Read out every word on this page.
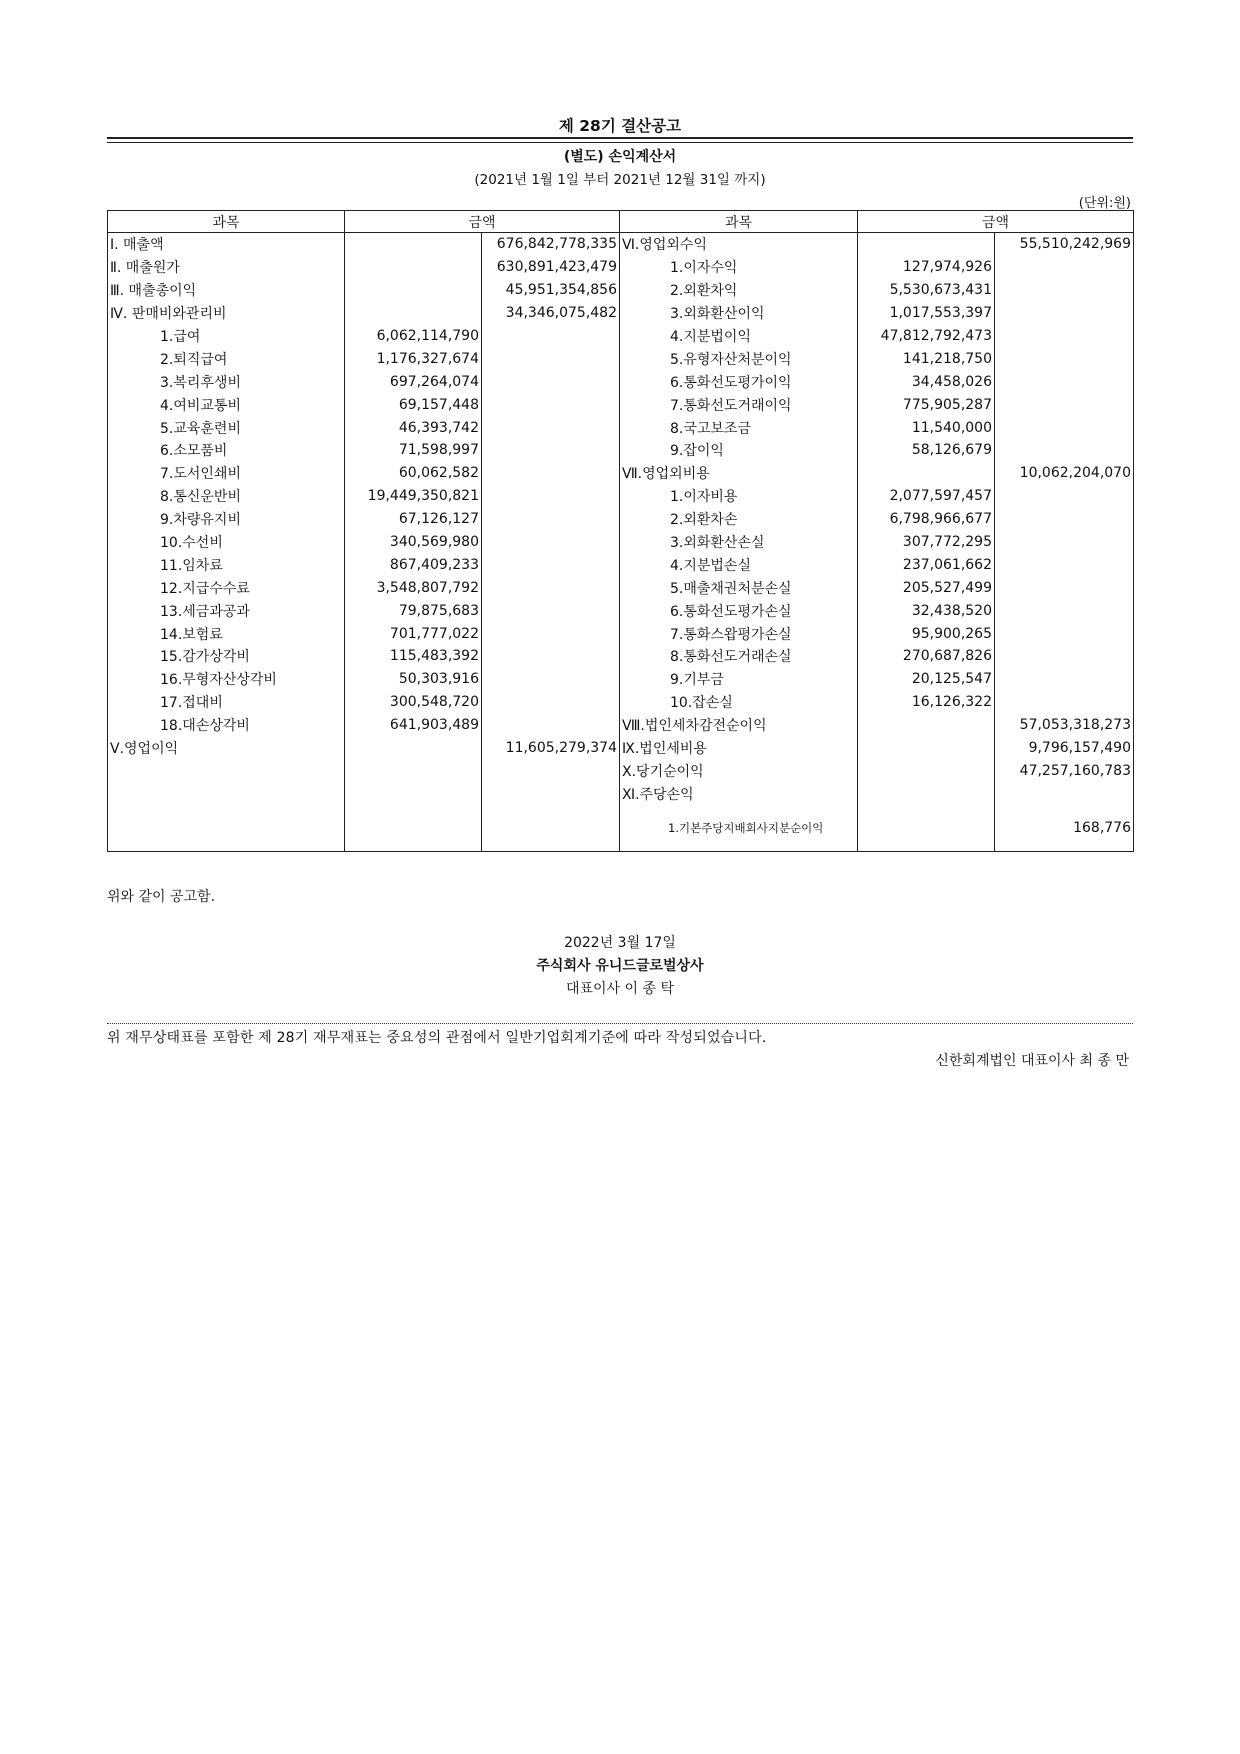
제 28기 결산공고
(별도) 손익계산서
(2021년 1월 1일 부터 2021년 12월 31일 까지)
(단위:원)
과목	금액		과목	금액	
Ⅰ. 매출액		676,842,778,335	Ⅵ.영업외수익		55,510,242,969
Ⅱ. 매출원가		630,891,423,479	1.이자수익	127,974,926	
Ⅲ. 매출총이익		45,951,354,856	2.외환차익	5,530,673,431	
Ⅳ. 판매비와관리비		34,346,075,482	3.외화환산이익	1,017,553,397	
1.급여	6,062,114,790		4.지분법이익	47,812,792,473	
2.퇴직급여	1,176,327,674		5.유형자산처분이익	141,218,750	
3.복리후생비	697,264,074		6.통화선도평가이익	34,458,026	
4.여비교통비	69,157,448		7.통화선도거래이익	775,905,287	
5.교육훈련비	46,393,742		8.국고보조금	11,540,000	
6.소모품비	71,598,997		9.잡이익	58,126,679	
7.도서인쇄비	60,062,582		Ⅶ.영업외비용		10,062,204,070
8.통신운반비	19,449,350,821		1.이자비용	2,077,597,457	
9.차량유지비	67,126,127		2.외환차손	6,798,966,677	
10.수선비	340,569,980		3.외화환산손실	307,772,295	
11.임차료	867,409,233		4.지분법손실	237,061,662	
12.지급수수료	3,548,807,792		5.매출채권처분손실	205,527,499	
13.세금과공과	79,875,683		6.통화선도평가손실	32,438,520	
14.보험료	701,777,022		7.통화스왑평가손실	95,900,265	
15.감가상각비	115,483,392		8.통화선도거래손실	270,687,826	
16.무형자산상각비	50,303,916		9.기부금	20,125,547	
17.접대비	300,548,720		10.잡손실	16,126,322	
18.대손상각비	641,903,489		Ⅷ.법인세차감전순이익		57,053,318,273
Ⅴ.영업이익		11,605,279,374	Ⅸ.법인세비용		9,796,157,490
			Ⅹ.당기순이익		47,257,160,783
			Ⅺ.주당손익		
			1.기본주당지배회사지분순이익		168,776
위와 같이 공고함.
2022년 3월 17일
주식회사 유니드글로벌상사
대표이사 이 종 탁
위 재무상태표를 포함한 제 28기 재무재표는 중요성의 관점에서 일반기업회계기준에 따라 작성되었습니다.
신한회계법인 대표이사 최 종 만
